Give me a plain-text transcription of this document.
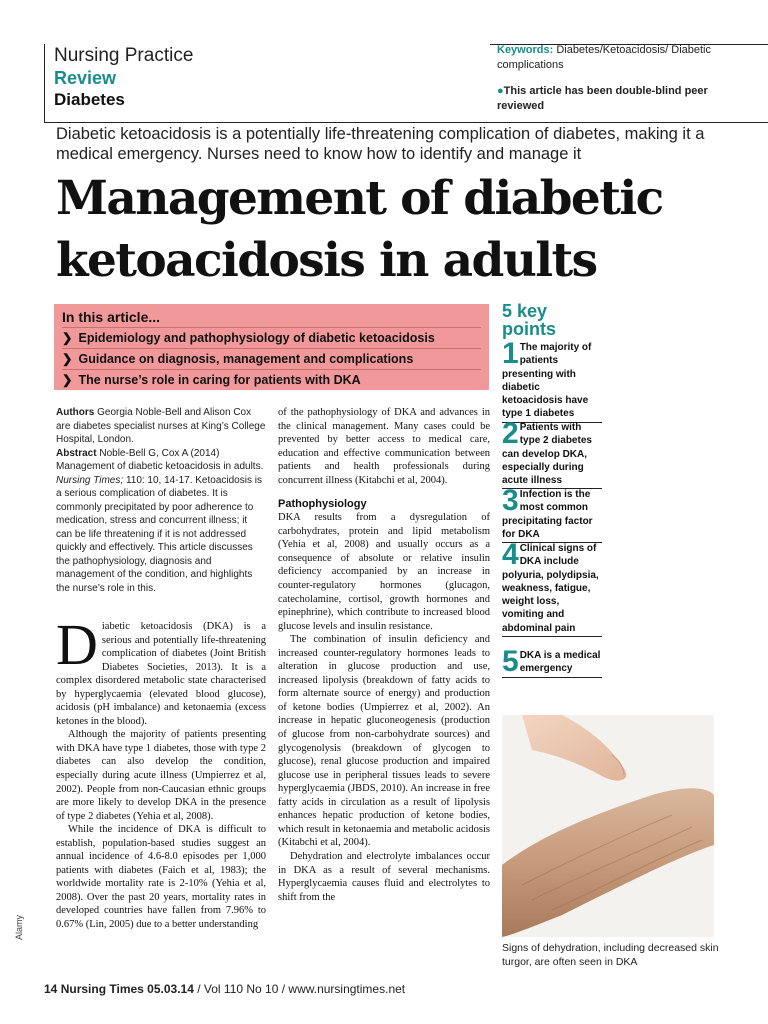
Nursing Practice
Review
Diabetes
Keywords: Diabetes/Ketoacidosis/ Diabetic complications
●This article has been double-blind peer reviewed
Diabetic ketoacidosis is a potentially life-threatening complication of diabetes, making it a medical emergency. Nurses need to know how to identify and manage it
Management of diabetic
ketoacidosis in adults
In this article...
❯ Epidemiology and pathophysiology of diabetic ketoacidosis
❯ Guidance on diagnosis, management and complications
❯ The nurse’s role in caring for patients with DKA
5 key
points
1 The majority of patients presenting with diabetic ketoacidosis have type 1 diabetes
2 Patients with type 2 diabetes can develop DKA, especially during acute illness
3 Infection is the most common precipitating factor for DKA
4 Clinical signs of DKA include polyuria, polydipsia, weakness, fatigue, weight loss, vomiting and abdominal pain
5 DKA is a medical emergency
Authors Georgia Noble-Bell and Alison Cox are diabetes specialist nurses at King’s College Hospital, London.
Abstract Noble-Bell G, Cox A (2014) Management of diabetic ketoacidosis in adults. Nursing Times; 110: 10, 14-17. Ketoacidosis is a serious complication of diabetes. It is commonly precipitated by poor adherence to medication, stress and concurrent illness; it can be life threatening if it is not addressed quickly and effectively. This article discusses the pathophysiology, diagnosis and management of the condition, and highlights the nurse’s role in this.

Diabetic ketoacidosis (DKA) is a serious and potentially life-threatening complication of diabetes (Joint British Diabetes Societies, 2013). It is a complex disordered metabolic state characterised by hyperglycaemia (elevated blood glucose), acidosis (pH imbalance) and ketonaemia (excess ketones in the blood).

Although the majority of patients presenting with DKA have type 1 diabetes, those with type 2 diabetes can also develop the condition, especially during acute illness (Umpierrez et al, 2002). People from non-Caucasian ethnic groups are more likely to develop DKA in the presence of type 2 diabetes (Yehia et al, 2008).

While the incidence of DKA is difficult to establish, population-based studies suggest an annual incidence of 4.6-8.0 episodes per 1,000 patients with diabetes (Faich et al, 1983); the worldwide mortality rate is 2-10% (Yehia et al, 2008). Over the past 20 years, mortality rates in developed countries have fallen from 7.96% to 0.67% (Lin, 2005) due to a better understanding

of the pathophysiology of DKA and advances in the clinical management. Many cases could be prevented by better access to medical care, education and effective communication between patients and health professionals during concurrent illness (Kitabchi et al, 2004).

Pathophysiology

DKA results from a dysregulation of carbohydrates, protein and lipid metabolism (Yehia et al, 2008) and usually occurs as a consequence of absolute or relative insulin deficiency accompanied by an increase in counter-regulatory hormones (glucagon, catecholamine, cortisol, growth hormones and epinephrine), which contribute to increased blood glucose levels and insulin resistance.

The combination of insulin deficiency and increased counter-regulatory hormones leads to alteration in glucose production and use, increased lipolysis (breakdown of fatty acids to form alternate source of energy) and production of ketone bodies (Umpierrez et al, 2002). An increase in hepatic gluconeogenesis (production of glucose from non-carbohydrate sources) and glycogenolysis (breakdown of glycogen to glucose), renal glucose production and impaired glucose use in peripheral tissues leads to severe hyperglycaemia (JBDS, 2010). An increase in free fatty acids in circulation as a result of lipolysis enhances hepatic production of ketone bodies, which result in ketonaemia and metabolic acidosis (Kitabchi et al, 2004).

Dehydration and electrolyte imbalances occur in DKA as a result of several mechanisms. Hyperglycaemia causes fluid and electrolytes to shift from the

Signs of dehydration, including decreased skin turgor, are often seen in DKA
Alamy
14 Nursing Times 05.03.14 / Vol 110 No 10 / www.nursingtimes.net
